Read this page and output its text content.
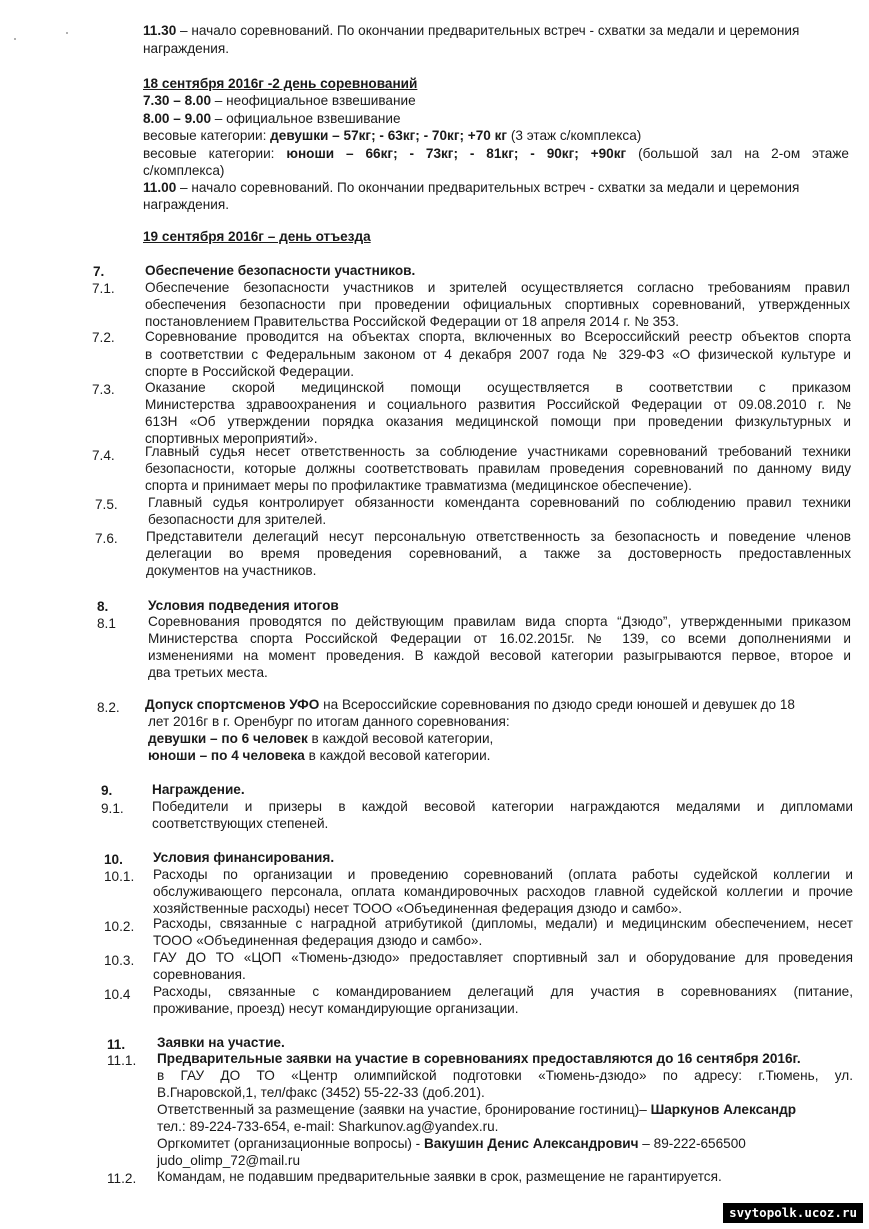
11.30 – начало соревнований. По окончании предварительных встреч - схватки за медали и церемония
награждения.
18 сентября 2016г -2 день соревнований
7.30 – 8.00 – неофициальное взвешивание
8.00 – 9.00 – официальное взвешивание
весовые категории: девушки – 57кг; - 63кг; - 70кг; +70 кг (3 этаж с/комплекса)
весовые категории: юноши – 66кг; - 73кг; - 81кг; - 90кг; +90кг (большой зал на 2-ом этаже
с/комплекса)
11.00 – начало соревнований. По окончании предварительных встреч - схватки за медали и церемония
награждения.
19 сентября 2016г – день отъезда
7.	Обеспечение безопасности участников.
7.1. Обеспечение безопасности участников и зрителей осуществляется согласно требованиям правил
обеспечения безопасности при проведении официальных спортивных соревнований, утвержденных
постановлением Правительства Российской Федерации от 18 апреля 2014 г. № 353.
7.2. Соревнование проводится на объектах спорта, включенных во Всероссийский реестр объектов спорта
в соответствии с Федеральным законом от 4 декабря 2007 года № 329-ФЗ «О физической культуре и
спорте в Российской Федерации.
7.3. Оказание скорой медицинской помощи осуществляется в соответствии с приказом
Министерства здравоохранения и социального развития Российской Федерации от 09.08.2010 г. №
613Н «Об утверждении порядка оказания медицинской помощи при проведении физкультурных и
спортивных мероприятий».
7.4. Главный судья несет ответственность за соблюдение участниками соревнований требований техники
безопасности, которые должны соответствовать правилам проведения соревнований по данному виду
спорта и принимает меры по профилактике травматизма (медицинское обеспечение).
7.5. Главный судья контролирует обязанности коменданта соревнований по соблюдению правил техники
безопасности для зрителей.
7.6. Представители делегаций несут персональную ответственность за безопасность и поведение членов
делегации во время проведения соревнований, а также за достоверность предоставленных
документов на участников.
8.	Условия подведения итогов
8.1 Соревнования проводятся по действующим правилам вида спорта “Дзюдо”, утвержденными приказом
Министерства спорта Российской Федерации от 16.02.2015г. № 139, со всеми дополнениями и
изменениями на момент проведения. В каждой весовой категории разыгрываются первое, второе и
два третьих места.
8.2. Допуск спортсменов УФО на Всероссийские соревнования по дзюдо среди юношей и девушек до 18
лет 2016г в г. Оренбург по итогам данного соревнования:
девушки – по 6 человек в каждой весовой категории,
юноши – по 4 человека в каждой весовой категории.
9.	Награждение.
9.1. Победители и призеры в каждой весовой категории награждаются медалями и дипломами
соответствующих степеней.
10. Условия финансирования.
10.1. Расходы по организации и проведению соревнований (оплата работы судейской коллегии и
обслуживающего персонала, оплата командировочных расходов главной судейской коллегии и прочие
хозяйственные расходы) несет ТООО «Объединенная федерация дзюдо и самбо».
10.2. Расходы, связанные с наградной атрибутикой (дипломы, медали) и медицинским обеспечением, несет
ТООО «Объединенная федерация дзюдо и самбо».
10.3. ГАУ ДО ТО «ЦОП «Тюмень-дзюдо» предоставляет спортивный зал и оборудование для проведения
соревнования.
10.4 Расходы, связанные с командированием делегаций для участия в соревнованиях (питание,
проживание, проезд) несут командирующие организации.
11. Заявки на участие.
11.1. Предварительные заявки на участие в соревнованиях предоставляются до 16 сентября 2016г.
в ГАУ ДО ТО «Центр олимпийской подготовки «Тюмень-дзюдо» по адресу: г.Тюмень, ул.
В.Гнаровской,1, тел/факс (3452) 55-22-33 (доб.201).
Ответственный за размещение (заявки на участие, бронирование гостиниц)– Шаркунов Александр
тел.: 89-224-733-654, e-mail: Sharkunov.ag@yandex.ru.
Оргкомитет (организационные вопросы) - Вакушин Денис Александрович – 89-222-656500
judo_olimp_72@mail.ru
11.2. Командам, не подавшим предварительные заявки в срок, размещение не гарантируется.
svytopolk.ucoz.ru
